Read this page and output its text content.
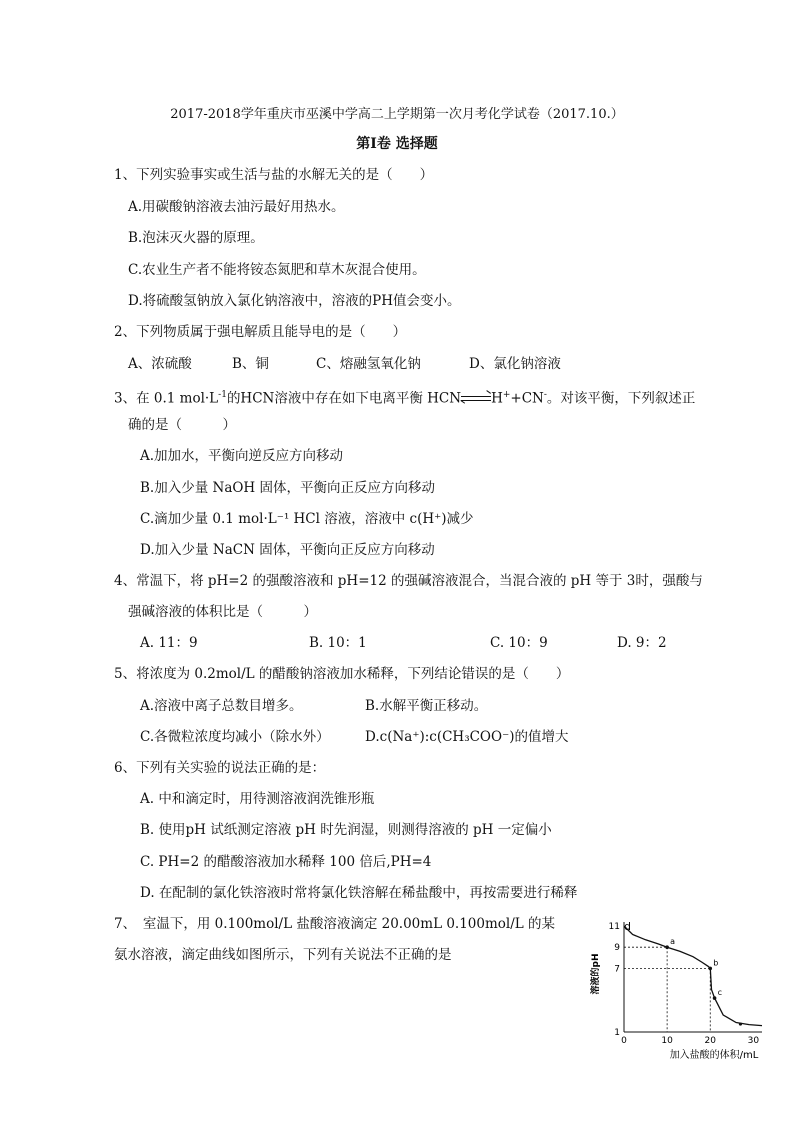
2017-2018学年重庆市巫溪中学高二上学期第一次月考化学试卷（2017.10.）
第Ⅰ卷 选择题
1、下列实验事实或生活与盐的水解无关的是（　　）
A.用碳酸钠溶液去油污最好用热水。
B.泡沫灭火器的原理。
C.农业生产者不能将铵态氮肥和草木灰混合使用。
D.将硫酸氢钠放入氯化钠溶液中，溶液的PH值会变小。
2、下列物质属于强电解质且能导电的是（　　）
A、浓硫酸	B、铜	C、熔融氢氧化钠	D、氯化钠溶液
3、在 0.1 $mol\cdot L^{-1}$的HCN溶液中存在如下电离平衡 HCN H++CN-。对该平衡，下列叙述正
确的是（　　　）
A.加加水，平衡向逆反应方向移动
B.加入少量 NaOH 固体，平衡向正反应方向移动
C.滴加少量 0.1 mol·L⁻¹ HCl 溶液，溶液中 c(H⁺)减少
D.加入少量 NaCN 固体，平衡向正反应方向移动
4、常温下，将 pH=2 的强酸溶液和 pH=12 的强碱溶液混合，当混合液的 pH 等于 3时，强酸与
强碱溶液的体积比是（　　　）
A. 11：9	B. 10：1	C. 10：9	D. 9：2
5、将浓度为 0.2mol/L 的醋酸钠溶液加水稀释，下列结论错误的是（　　）
A.溶液中离子总数目增多。	B.水解平衡正移动。
C.各微粒浓度均减小（除水外）	D.c(Na⁺):c(CH₃COO⁻)的值增大
6、下列有关实验的说法正确的是：
A. 中和滴定时，用待测溶液润洗锥形瓶
B. 使用pH 试纸测定溶液 pH 时先润湿，则测得溶液的 pH 一定偏小
C. PH=2 的醋酸溶液加水稀释 100 倍后,PH=4
D. 在配制的氯化铁溶液时常将氯化铁溶解在稀盐酸中，再按需要进行稀释
7、　室温下，用 0.100mol/L 盐酸溶液滴定 20.00mL 0.100mol/L 的某
氨水溶液，滴定曲线如图所示，下列有关说法不正确的是	溶液的pH
a
b
c
0	10	20	30
1
7
9
11 d
加入盐酸的体积/mL
